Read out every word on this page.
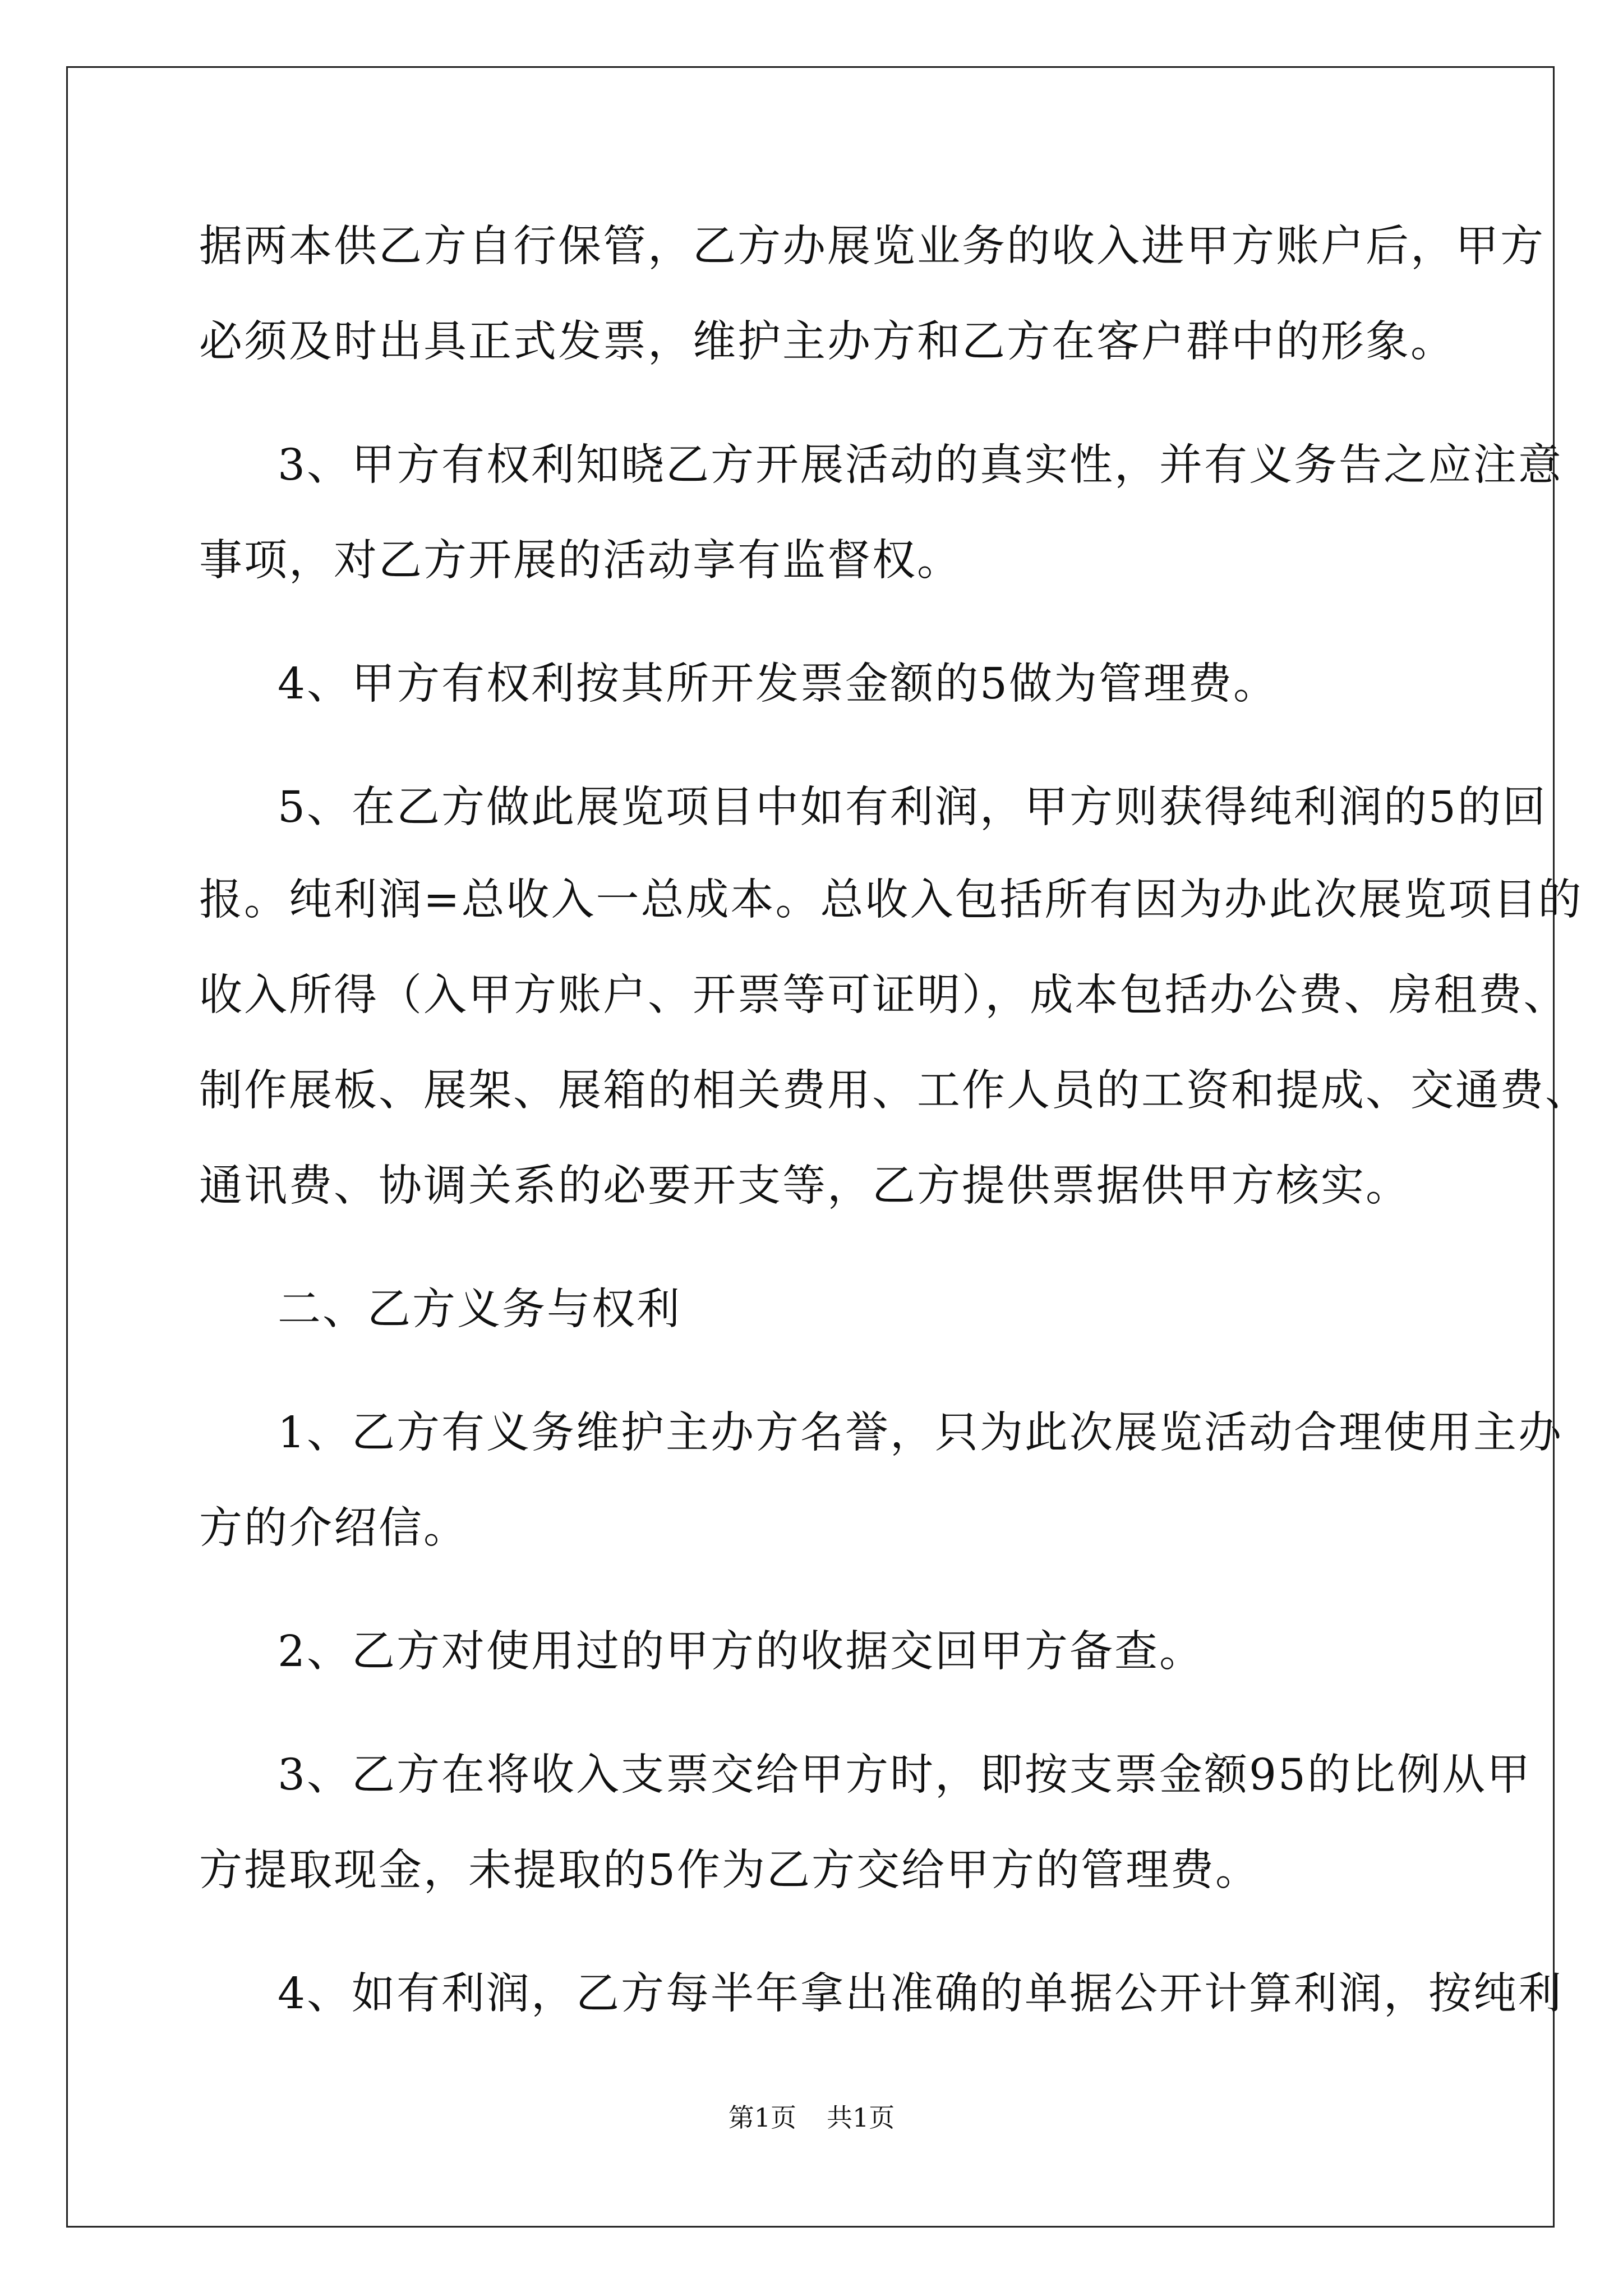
据两本供乙方自行保管，乙方办展览业务的收入进甲方账户后，甲方
必须及时出具正式发票，维护主办方和乙方在客户群中的形象。
3、甲方有权利知晓乙方开展活动的真实性，并有义务告之应注意
事项，对乙方开展的活动享有监督权。
4、甲方有权利按其所开发票金额的5做为管理费。
5、在乙方做此展览项目中如有利润，甲方则获得纯利润的5的回
报。纯利润=总收入一总成本。总收入包括所有因为办此次展览项目的
收入所得（入甲方账户、开票等可证明），成本包括办公费、房租费、
制作展板、展架、展箱的相关费用、工作人员的工资和提成、交通费、
通讯费、协调关系的必要开支等，乙方提供票据供甲方核实。
二、乙方义务与权利
1、乙方有义务维护主办方名誉，只为此次展览活动合理使用主办
方的介绍信。
2、乙方对使用过的甲方的收据交回甲方备查。
3、乙方在将收入支票交给甲方时，即按支票金额95的比例从甲
方提取现金，未提取的5作为乙方交给甲方的管理费。
4、如有利润，乙方每半年拿出准确的单据公开计算利润，按纯利
第1页 共1页
